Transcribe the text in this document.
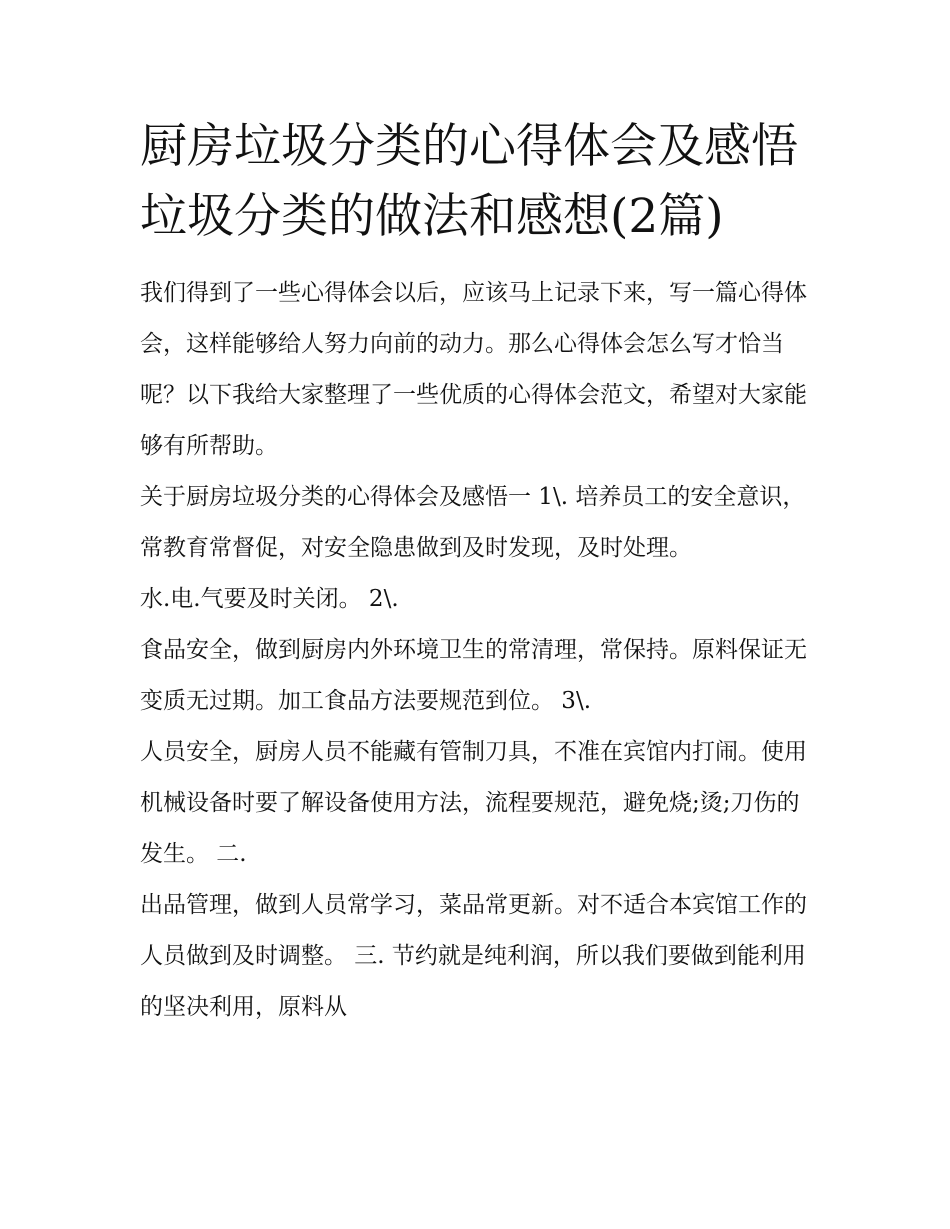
厨房垃圾分类的心得体会及感悟 垃圾分类的做法和感想(2篇)

我们得到了一些心得体会以后，应该马上记录下来，写一篇心得体会，这样能够给人努力向前的动力。那么心得体会怎么写才恰当呢？以下我给大家整理了一些优质的心得体会范文，希望对大家能够有所帮助。

关于厨房垃圾分类的心得体会及感悟一 1\. 培养员工的安全意识，常教育常督促，对安全隐患做到及时发现，及时处理。

水.电.气要及时关闭。 2\.

食品安全，做到厨房内外环境卫生的常清理，常保持。原料保证无变质无过期。加工食品方法要规范到位。 3\.

人员安全，厨房人员不能藏有管制刀具，不准在宾馆内打闹。使用机械设备时要了解设备使用方法，流程要规范，避免烧;烫;刀伤的发生。 二.

出品管理，做到人员常学习，菜品常更新。对不适合本宾馆工作的人员做到及时调整。 三. 节约就是纯利润，所以我们要做到能利用的坚决利用，原料从
